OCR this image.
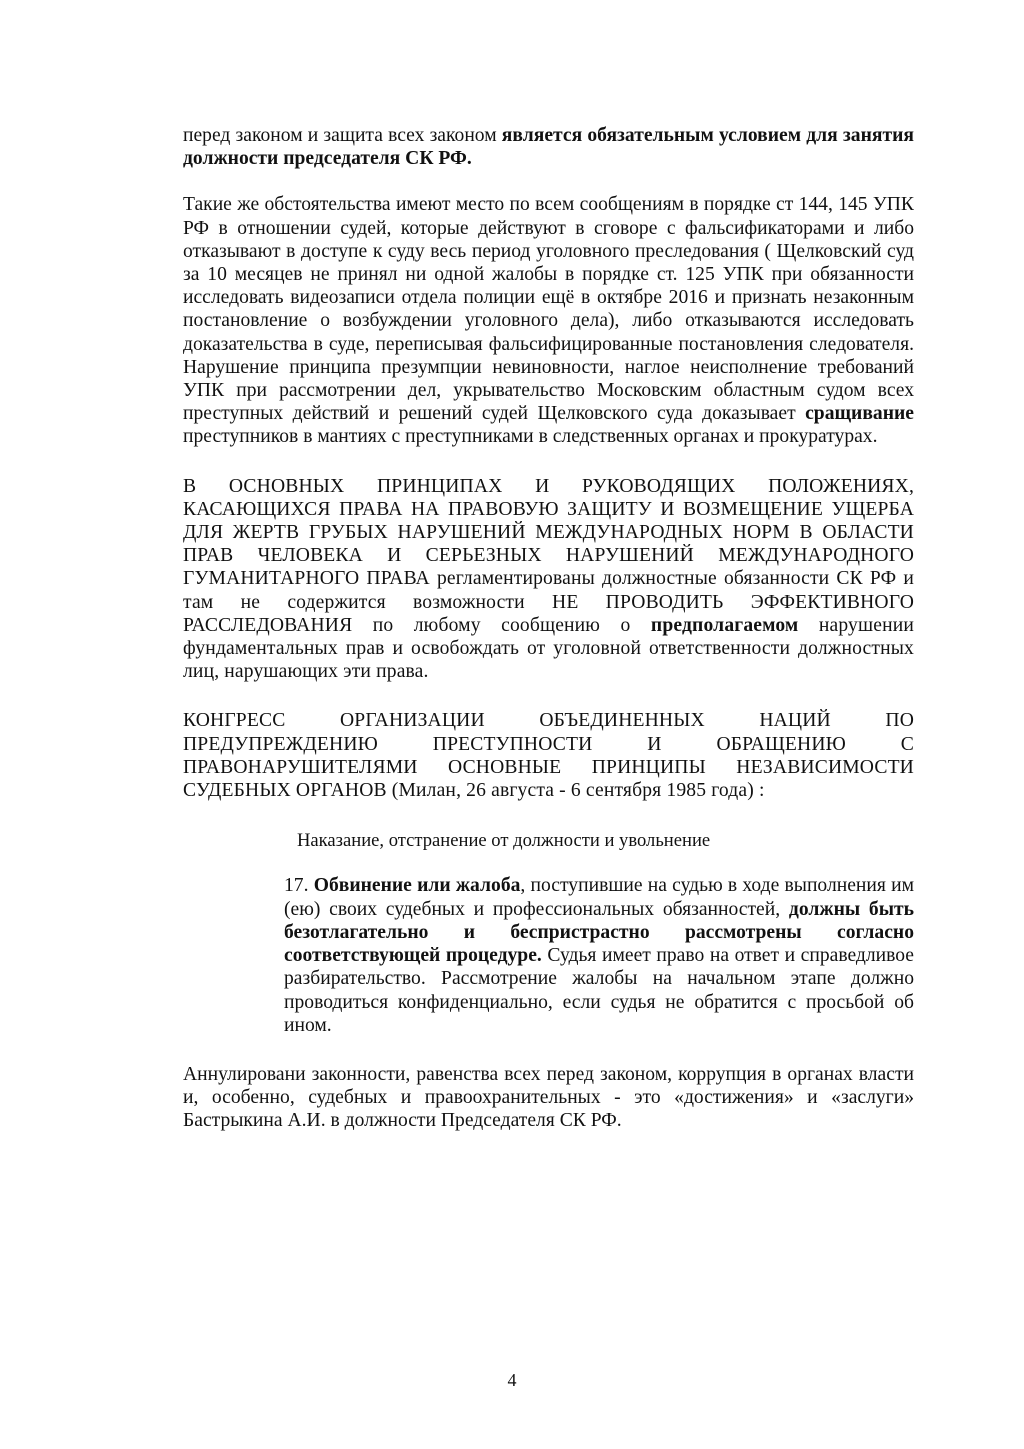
перед законом и защита всех законом является обязательным условием для занятия должности председателя СК РФ.

Такие же обстоятельства имеют место по всем сообщениям в порядке ст 144, 145 УПК РФ в отношении судей, которые действуют в сговоре с фальсификаторами и либо отказывают в доступе к суду весь период уголовного преследования ( Щелковский суд за 10 месяцев не принял ни одной жалобы в порядке ст. 125 УПК при обязанности исследовать видеозаписи отдела полиции ещё в октябре 2016 и признать незаконным постановление о возбуждении уголовного дела), либо отказываются исследовать доказательства в суде, переписывая фальсифицированные постановления следователя. Нарушение принципа презумпции невиновности, наглое неисполнение требований УПК при рассмотрении дел, укрывательство Московским областным судом всех преступных действий и решений судей Щелковского суда доказывает сращивание преступников в мантиях с преступниками в следственных органах и прокуратурах.

В ОСНОВНЫХ ПРИНЦИПАХ И РУКОВОДЯЩИХ ПОЛОЖЕНИЯХ, КАСАЮЩИХСЯ ПРАВА НА ПРАВОВУЮ ЗАЩИТУ И ВОЗМЕЩЕНИЕ УЩЕРБА ДЛЯ ЖЕРТВ ГРУБЫХ НАРУШЕНИЙ МЕЖДУНАРОДНЫХ НОРМ В ОБЛАСТИ ПРАВ ЧЕЛОВЕКА И СЕРЬЕЗНЫХ НАРУШЕНИЙ МЕЖДУНАРОДНОГО ГУМАНИТАРНОГО ПРАВА регламентированы должностные обязанности СК РФ и там не содержится возможности НЕ ПРОВОДИТЬ ЭФФЕКТИВНОГО РАССЛЕДОВАНИЯ по любому сообщению о предполагаемом нарушении фундаментальных прав и освобождать от уголовной ответственности должностных лиц, нарушающих эти права.

КОНГРЕСС ОРГАНИЗАЦИИ ОБЪЕДИНЕННЫХ НАЦИЙ ПО ПРЕДУПРЕЖДЕНИЮ ПРЕСТУПНОСТИ И ОБРАЩЕНИЮ С ПРАВОНАРУШИТЕЛЯМИ ОСНОВНЫЕ ПРИНЦИПЫ НЕЗАВИСИМОСТИ СУДЕБНЫХ ОРГАНОВ (Милан, 26 августа - 6 сентября 1985 года) :

Наказание, отстранение от должности и увольнение

17. Обвинение или жалоба, поступившие на судью в ходе выполнения им (ею) своих судебных и профессиональных обязанностей, должны быть безотлагательно и беспристрастно рассмотрены согласно соответствующей процедуре. Судья имеет право на ответ и справедливое разбирательство. Рассмотрение жалобы на начальном этапе должно проводиться конфиденциально, если судья не обратится с просьбой об ином.

Аннулировани законности, равенства всех перед законом, коррупция в органах власти и, особенно, судебных и правоохранительных - это «достижения» и «заслуги» Бастрыкина А.И. в должности Председателя СК РФ.

4
